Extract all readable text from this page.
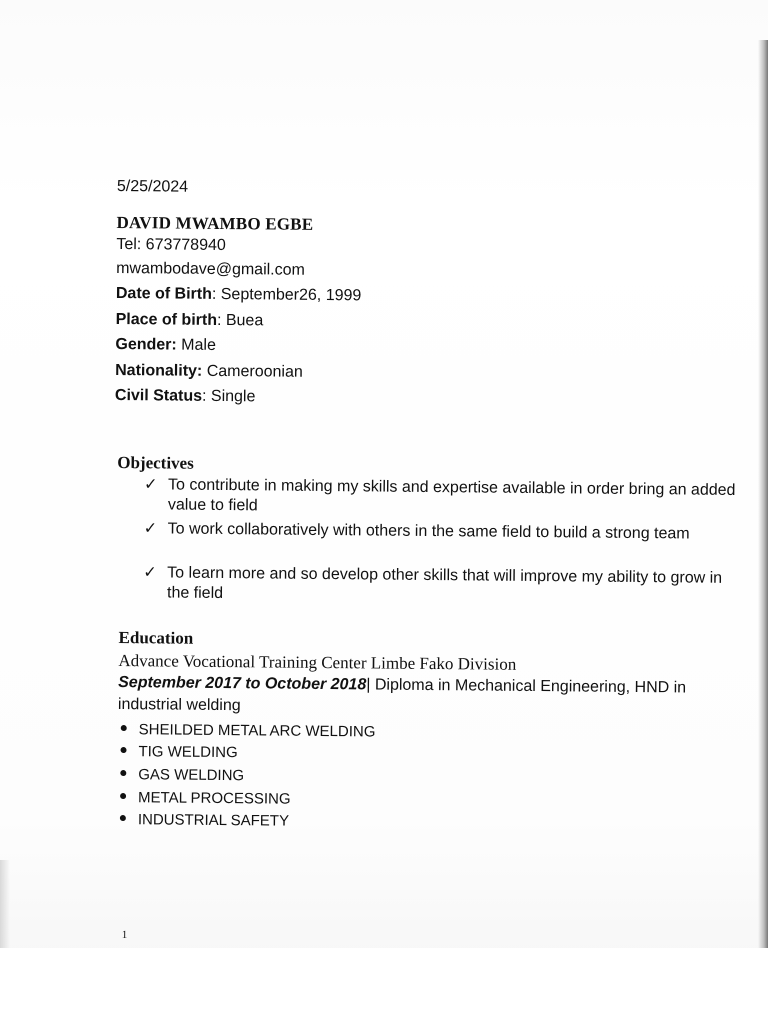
5/25/2024
DAVID MWAMBO EGBE
Tel: 673778940
mwambodave@gmail.com
Date of Birth: September26, 1999
Place of birth: Buea
Gender: Male
Nationality: Cameroonian
Civil Status: Single
Objectives
✓ To contribute in making my skills and expertise available in order bring an added value to field
✓ To work collaboratively with others in the same field to build a strong team
✓ To learn more and so develop other skills that will improve my ability to grow in the field
Education
Advance Vocational Training Center Limbe Fako Division
September 2017 to October 2018| Diploma in Mechanical Engineering, HND in
industrial welding
SHEILDED METAL ARC WELDING
TIG WELDING
GAS WELDING
METAL PROCESSING
INDUSTRIAL SAFETY
1
